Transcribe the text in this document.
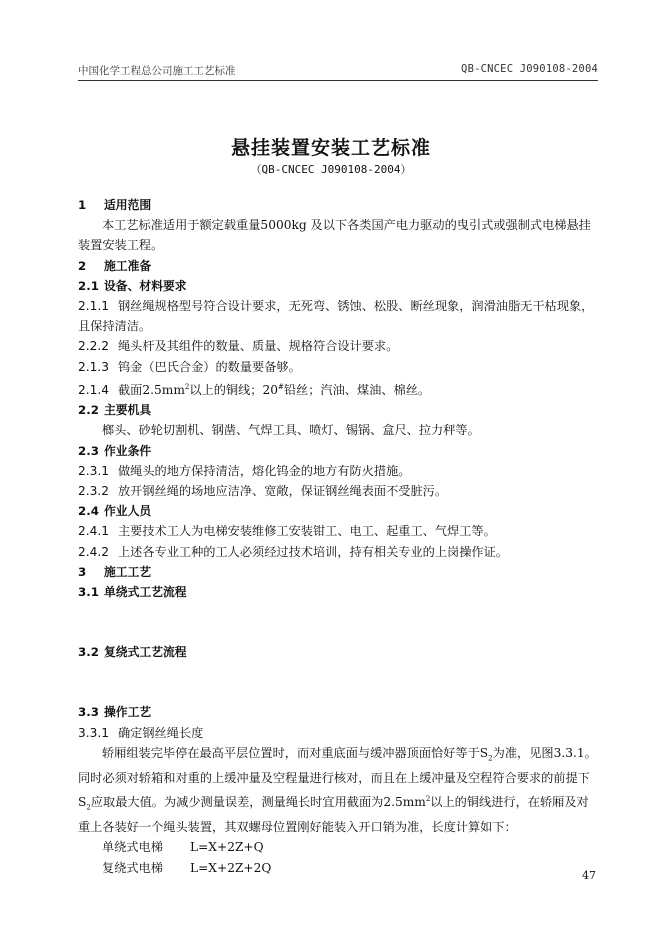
中国化学工程总公司施工工艺标准	QB-CNCEC J090108-2004
悬挂装置安装工艺标准
（QB-CNCEC J090108-2004）

1 适用范围

本工艺标准适用于额定载重量5000kg 及以下各类国产电力驱动的曳引式或强制式电梯悬挂装置安装工程。

2 施工准备

2.1 设备、材料要求

2.1.1 钢丝绳规格型号符合设计要求，无死弯、锈蚀、松股、断丝现象，润滑油脂无干枯现象，且保持清洁。

2.2.2 绳头杆及其组件的数量、质量、规格符合设计要求。

2.1.3 钨金（巴氏合金）的数量要备够。

2.1.4 截面$2.5mm^2$以上的铜线；20#铅丝；汽油、煤油、棉丝。

2.2 主要机具

榔头、砂轮切割机、钢凿、气焊工具、喷灯、锡锅、盒尺、拉力秤等。

2.3 作业条件

2.3.1 做绳头的地方保持清洁，熔化钨金的地方有防火措施。

2.3.2 放开钢丝绳的场地应洁净、宽敞，保证钢丝绳表面不受脏污。

2.4 作业人员

2.4.1 主要技术工人为电梯安装维修工安装钳工、电工、起重工、气焊工等。

2.4.2 上述各专业工种的工人必须经过技术培训，持有相关专业的上岗操作证。

3 施工工艺

3.1 单绕式工艺流程

3.2 复绕式工艺流程

3.3 操作工艺

3.3.1 确定钢丝绳长度

轿厢组装完毕停在最高平层位置时，而对重底面与缓冲器顶面恰好等于$S_2$为准，见图3.3.1。同时必须对轿箱和对重的上缓冲量及空程量进行核对，而且在上缓冲量及空程符合要求的前提下$S_2$应取最大值。为减少测量误差，测量绳长时宜用截面为$2.5mm^2$以上的铜线进行，在轿厢及对重上各装好一个绳头装置，其双螺母位置刚好能装入开口销为准，长度计算如下：

单绕式电梯 L=X+2Z+Q

复绕式电梯 L=X+2Z+2Q

47
